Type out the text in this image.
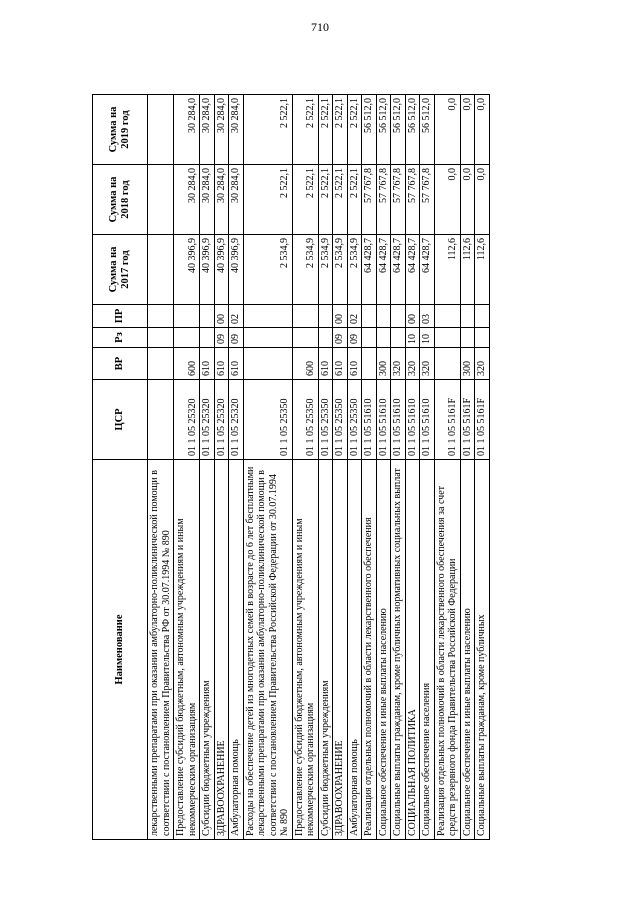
710
Наименование	ЦСР	ВР	Рз	ПР	Сумма на 2017 год	Сумма на 2018 год	Сумма на 2019 год
лекарственными препаратами при оказании амбулаторно-поликлинической помощи в соответствии с постановлением Правительства РФ от 30.07.1994 № 890							
Предоставление субсидий бюджетным, автономным учреждениям и иным некоммерческим организациям	01 1 05 25320	600			40 396,9	30 284,0	30 284,0
Субсидии бюджетным учреждениям	01 1 05 25320	610			40 396,9	30 284,0	30 284,0
ЗДРАВООХРАНЕНИЕ	01 1 05 25320	610	09	00	40 396,9	30 284,0	30 284,0
Амбулаторная помощь	01 1 05 25320	610	09	02	40 396,9	30 284,0	30 284,0
Расходы на обеспечение детей из многодетных семей в возрасте до 6 лет бесплатными лекарственными препаратами при оказании амбулаторно-поликлинической помощи в соответствии с постановлением Правительства Российской Федерации от 30.07.1994 № 890	01 1 05 25350				2 534,9	2 522,1	2 522,1
Предоставление субсидий бюджетным, автономным учреждениям и иным некоммерческим организациям	01 1 05 25350	600			2 534,9	2 522,1	2 522,1
Субсидии бюджетным учреждениям	01 1 05 25350	610			2 534,9	2 522,1	2 522,1
ЗДРАВООХРАНЕНИЕ	01 1 05 25350	610	09	00	2 534,9	2 522,1	2 522,1
Амбулаторная помощь	01 1 05 25350	610	09	02	2 534,9	2 522,1	2 522,1
Реализация отдельных полномочий в области лекарственного обеспечения	01 1 05 51610				64 428,7	57 767,8	56 512,0
Социальное обеспечение и иные выплаты населению	01 1 05 51610	300			64 428,7	57 767,8	56 512,0
Социальные выплаты гражданам, кроме публичных нормативных социальных выплат	01 1 05 51610	320			64 428,7	57 767,8	56 512,0
СОЦИАЛЬНАЯ ПОЛИТИКА	01 1 05 51610	320	10	00	64 428,7	57 767,8	56 512,0
Социальное обеспечение населения	01 1 05 51610	320	10	03	64 428,7	57 767,8	56 512,0
Реализация отдельных полномочий в области лекарственного обеспечения за счет средств резервного фонда Правительства Российской Федерации	01 1 05 5161F				112,6	0,0	0,0
Социальное обеспечение и иные выплаты населению	01 1 05 5161F	300			112,6	0,0	0,0
Социальные выплаты гражданам, кроме публичных	01 1 05 5161F	320			112,6	0,0	0,0
